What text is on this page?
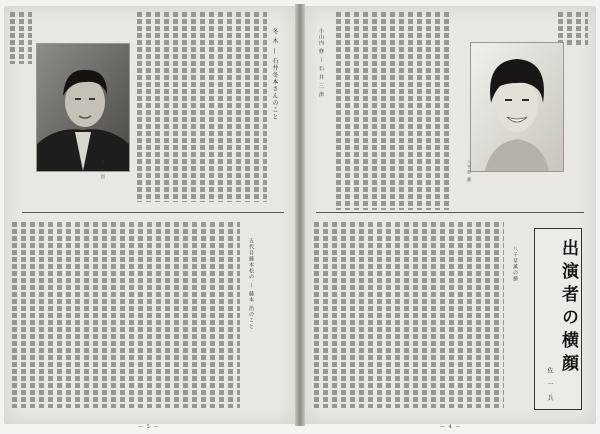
冬 木 悟
冬 木 — 石井冬本さんのこと
五代目藤本松の — 藤本 治のこと
— 5 —
小山内 修 — 石 井 三 津
八千草 薫
八千草薫の横	出演者の横顔
佐 一 兵
— 4 —
